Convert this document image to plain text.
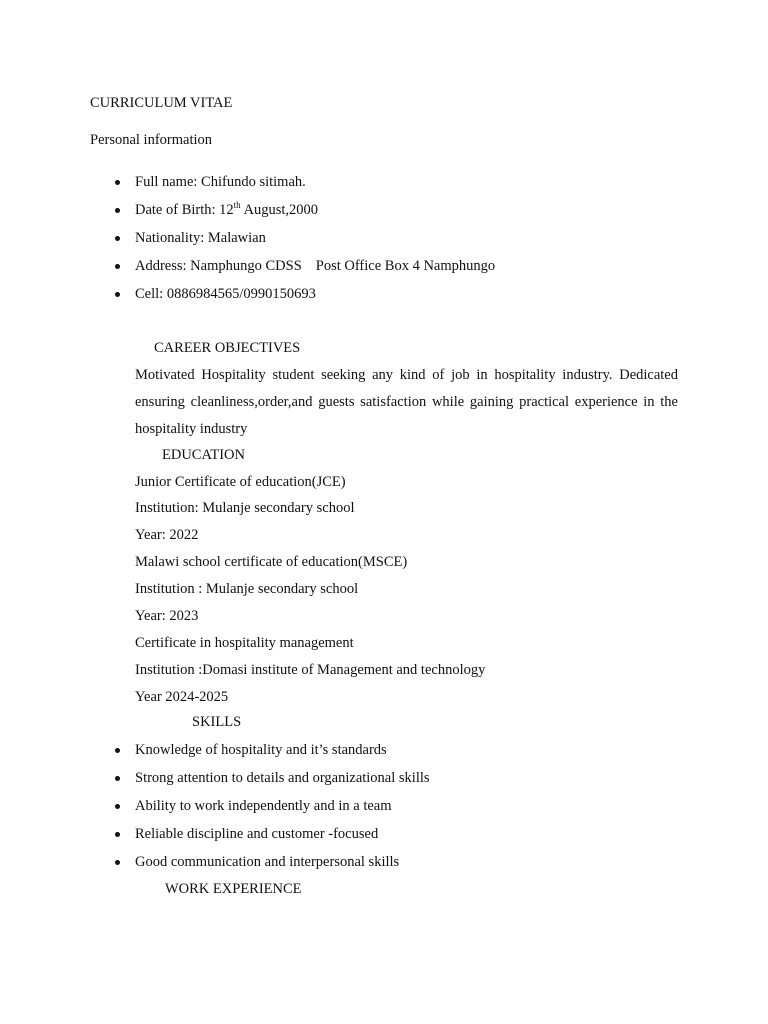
CURRICULUM VITAE
Personal information
Full name: Chifundo sitimah.
Date of Birth: 12th August,2000
Nationality: Malawian
Address: Namphungo CDSS Post Office Box 4 Namphungo
Cell: 0886984565/0990150693
CAREER OBJECTIVES
Motivated Hospitality student seeking any kind of job in hospitality industry. Dedicated
ensuring cleanliness,order,and guests satisfaction while gaining practical experience in the
hospitality industry
EDUCATION
Junior Certificate of education(JCE)
Institution: Mulanje secondary school
Year: 2022
Malawi school certificate of education(MSCE)
Institution : Mulanje secondary school
Year: 2023
Certificate in hospitality management
Institution :Domasi institute of Management and technology
Year 2024-2025
SKILLS
Knowledge of hospitality and it’s standards
Strong attention to details and organizational skills
Ability to work independently and in a team
Reliable discipline and customer -focused
Good communication and interpersonal skills
WORK EXPERIENCE
